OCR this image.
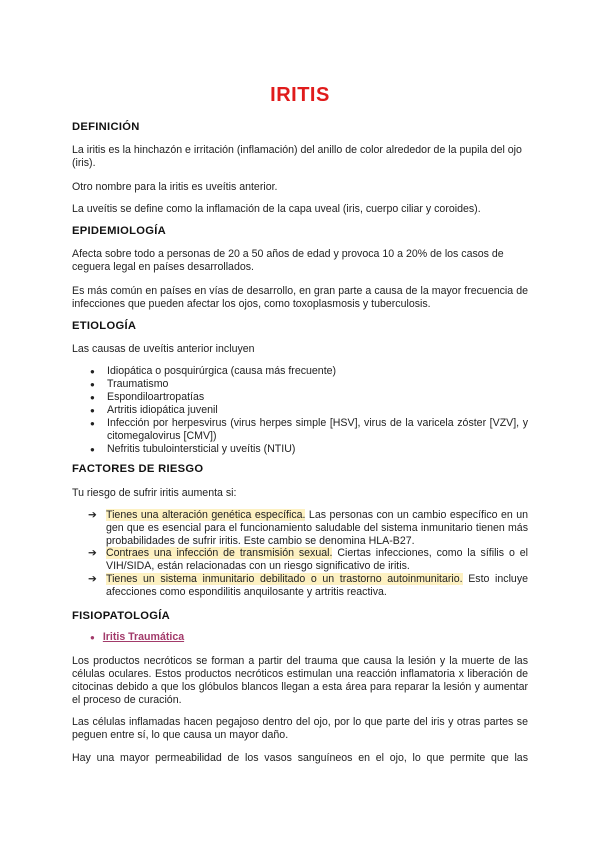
IRITIS
DEFINICIÓN
La iritis es la hinchazón e irritación (inflamación) del anillo de color alrededor de la pupila del ojo (iris).
Otro nombre para la iritis es uveítis anterior.
La uveítis se define como la inflamación de la capa uveal (iris, cuerpo ciliar y coroides).
EPIDEMIOLOGÍA
Afecta sobre todo a personas de 20 a 50 años de edad y provoca 10 a 20% de los casos de ceguera legal en países desarrollados.
Es más común en países en vías de desarrollo, en gran parte a causa de la mayor frecuencia de infecciones que pueden afectar los ojos, como toxoplasmosis y tuberculosis.
ETIOLOGÍA
Las causas de uveítis anterior incluyen
● Idiopática o posquirúrgica (causa más frecuente)
● Traumatismo
● Espondiloartropatías
● Artritis idiopática juvenil
● Infección por herpesvirus (virus herpes simple [HSV], virus de la varicela zóster [VZV], y citomegalovirus [CMV])
● Nefritis tubulointersticial y uveítis (NTIU)
FACTORES DE RIESGO
Tu riesgo de sufrir iritis aumenta si:
➔ Tienes una alteración genética específica. Las personas con un cambio específico en un gen que es esencial para el funcionamiento saludable del sistema inmunitario tienen más probabilidades de sufrir iritis. Este cambio se denomina HLA-B27.
➔ Contraes una infección de transmisión sexual. Ciertas infecciones, como la sífilis o el VIH/SIDA, están relacionadas con un riesgo significativo de iritis.
➔ Tienes un sistema inmunitario debilitado o un trastorno autoinmunitario. Esto incluye afecciones como espondilitis anquilosante y artritis reactiva.
FISIOPATOLOGÍA
● Iritis Traumática
Los productos necróticos se forman a partir del trauma que causa la lesión y la muerte de las células oculares. Estos productos necróticos estimulan una reacción inflamatoria x liberación de citocinas debido a que los glóbulos blancos llegan a esta área para reparar la lesión y aumentar el proceso de curación.
Las células inflamadas hacen pegajoso dentro del ojo, por lo que parte del iris y otras partes se peguen entre sí, lo que causa un mayor daño.
Hay una mayor permeabilidad de los vasos sanguíneos en el ojo, lo que permite que las
